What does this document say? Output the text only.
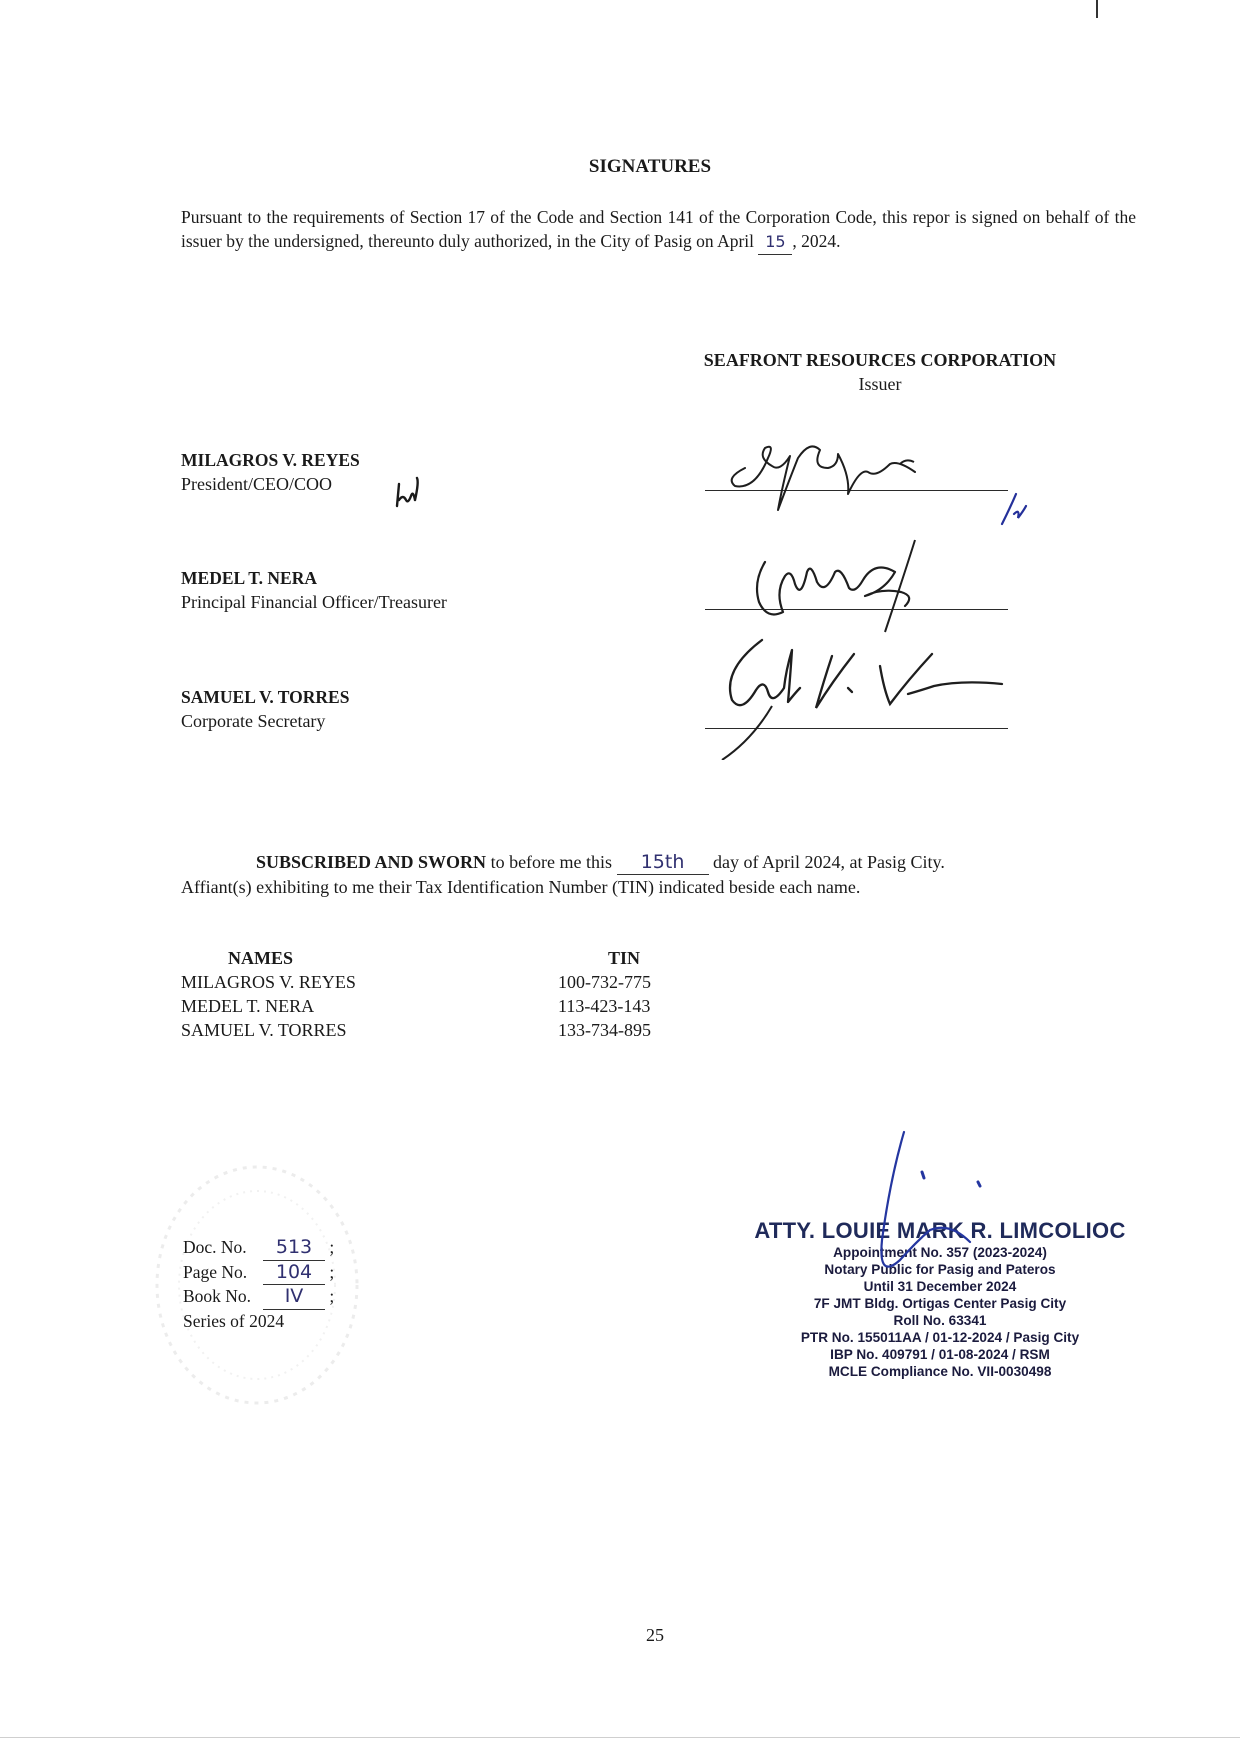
SIGNATURES
Pursuant to the requirements of Section 17 of the Code and Section 141 of the Corporation Code, this repor is signed on behalf of the issuer by the undersigned, thereunto duly authorized, in the City of Pasig on April 15 , 2024.
SEAFRONT RESOURCES CORPORATION
Issuer
MILAGROS V. REYES
President/CEO/COO
MEDEL T. NERA
Principal Financial Officer/Treasurer
SAMUEL V. TORRES
Corporate Secretary
SUBSCRIBED AND SWORN to before me this 15th day of April 2024, at Pasig City.
Affiant(s) exhibiting to me their Tax Identification Number (TIN) indicated beside each name.
NAMES	TIN
MILAGROS V. REYES	100-732-775
MEDEL T. NERA	113-423-143
SAMUEL V. TORRES	133-734-895
Doc. No. 513 ;
Page No. 104 ;
Book No. IV ;
Series of 2024
ATTY. LOUIE MARK R. LIMCOLIOC
Appointment No. 357 (2023-2024)
Notary Public for Pasig and Pateros
Until 31 December 2024
7F JMT Bldg. Ortigas Center Pasig City
Roll No. 63341
PTR No. 155011AA / 01-12-2024 / Pasig City
IBP No. 409791 / 01-08-2024 / RSM
MCLE Compliance No. VII-0030498
25
